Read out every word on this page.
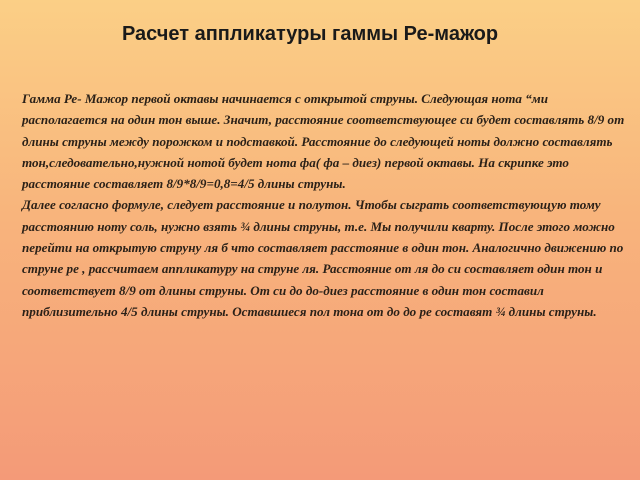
Расчет аппликатуры гаммы Ре-мажор

Гамма Ре- Мажор первой октавы начинается с открытой струны. Следующая нота “ми располагается на один тон выше. Значит, расстояние соответствующее си будет составлять 8/9 от длины струны между порожком и подставкой. Расстояние до следующей ноты должно составлять тон,следовательно,нужной нотой будет нота фа( фа – диез) первой октавы. На скрипке это расстояние составляет 8/9*8/9=0,8=4/5 длины струны.

Далее согласно формуле, следует расстояние и полутон. Чтобы сыграть соответствующую тому расстоянию ноту соль, нужно взять ¾ длины струны, т.е. Мы получили кварту. После этого можно перейти на открытую струну ля б что составляет расстояние в один тон. Аналогично движению по струне ре , рассчитаем аппликатуру на струне ля. Расстояние от ля до си составляет один тон и соответствует 8/9 от длины струны. От си до до-диез расстояние в один тон составил приблизительно 4/5 длины струны. Оставшиеся пол тона от до до ре составят ¾ длины струны.
